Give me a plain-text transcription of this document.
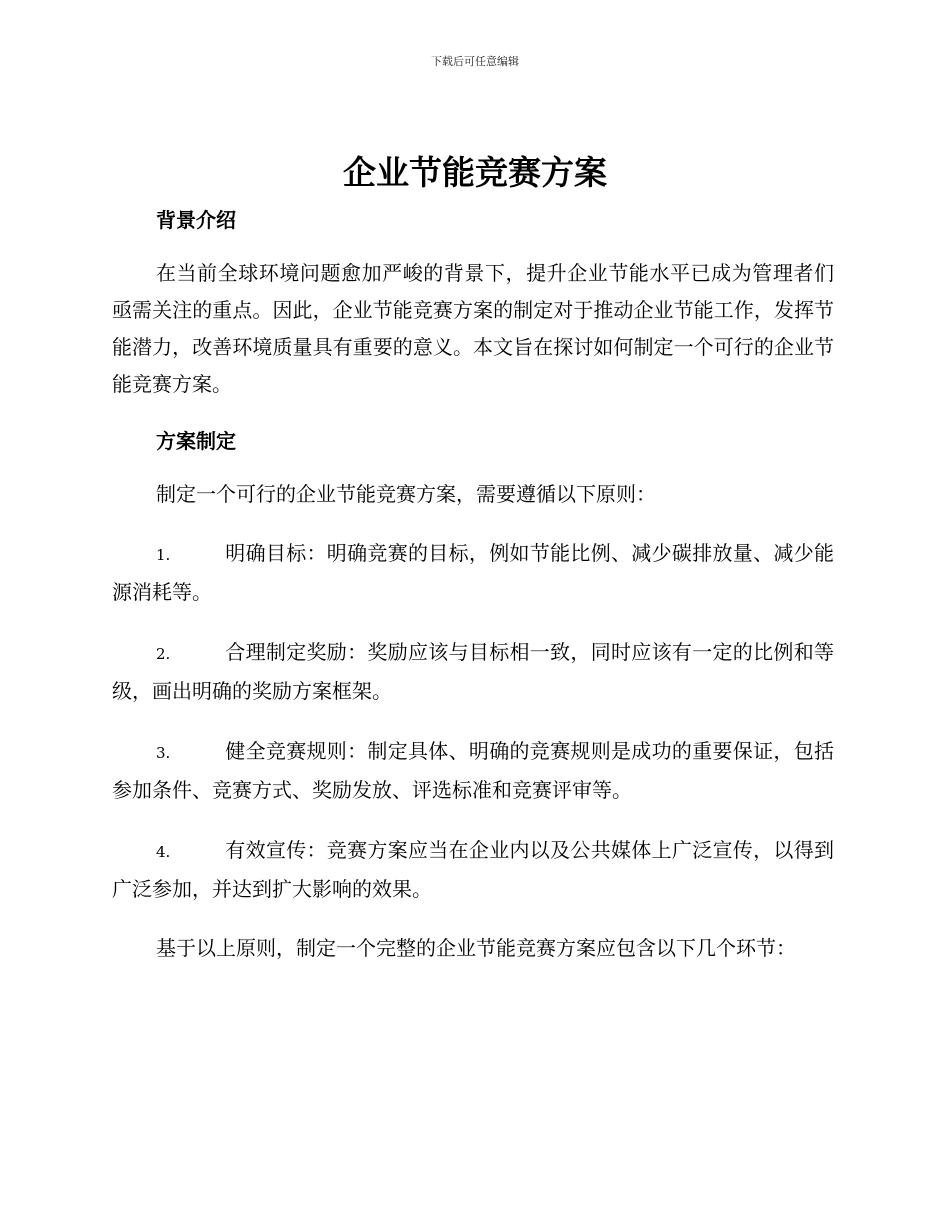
下载后可任意编辑
企业节能竞赛方案
背景介绍

在当前全球环境问题愈加严峻的背景下，提升企业节能水平已成为管理者们亟需关注的重点。因此，企业节能竞赛方案的制定对于推动企业节能工作，发挥节能潜力，改善环境质量具有重要的意义。本文旨在探讨如何制定一个可行的企业节能竞赛方案。

方案制定

制定一个可行的企业节能竞赛方案，需要遵循以下原则：

1.	明确目标：明确竞赛的目标，例如节能比例、减少碳排放量、减少能源消耗等。

2.	合理制定奖励：奖励应该与目标相一致，同时应该有一定的比例和等级，画出明确的奖励方案框架。

3.	健全竞赛规则：制定具体、明确的竞赛规则是成功的重要保证，包括参加条件、竞赛方式、奖励发放、评选标准和竞赛评审等。

4.	有效宣传：竞赛方案应当在企业内以及公共媒体上广泛宣传，以得到广泛参加，并达到扩大影响的效果。

基于以上原则，制定一个完整的企业节能竞赛方案应包含以下几个环节：
